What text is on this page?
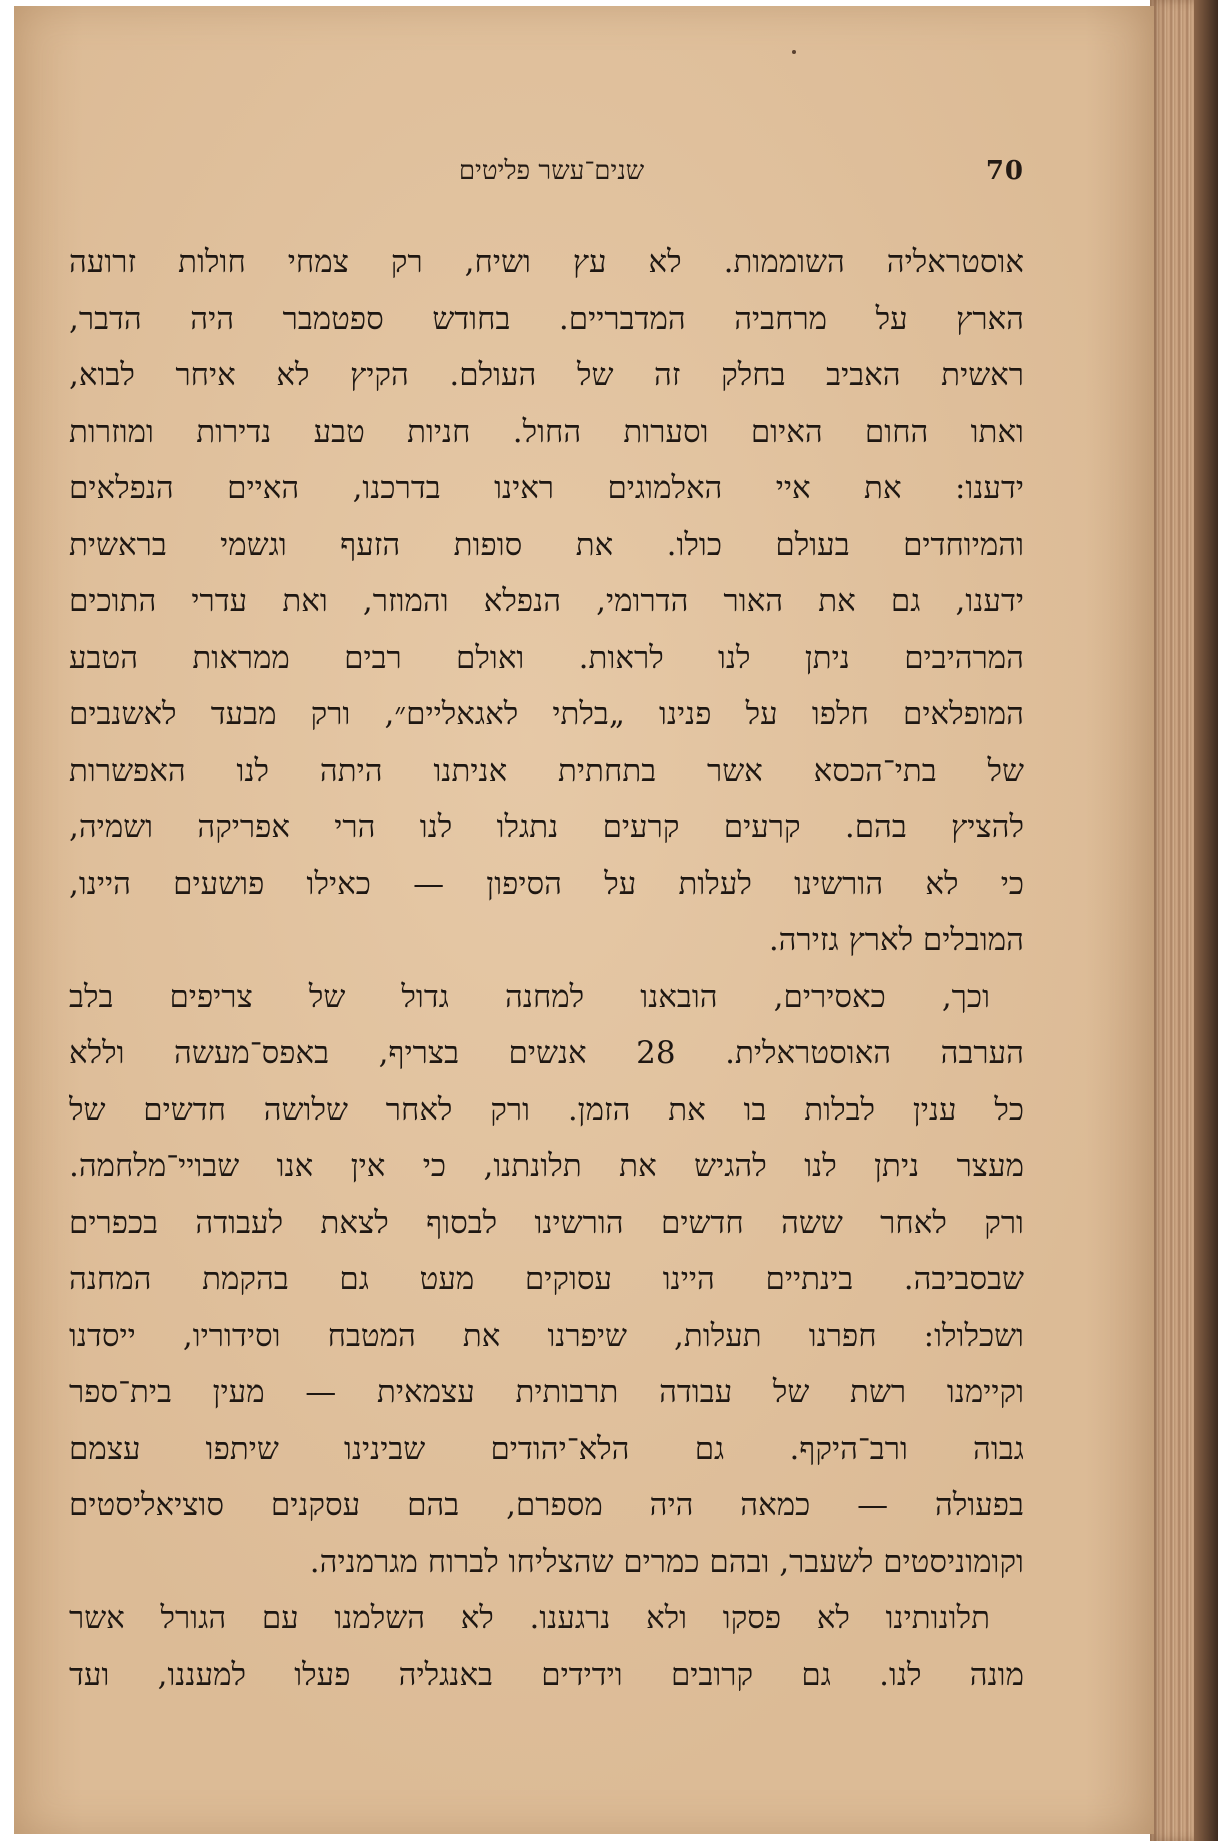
שנים־עשר פליטים	70
אוסטראליה השוממות. לא עץ ושיח, רק צמחי חולות זרועה
הארץ על מרחביה המדבריים. בחודש ספטמבר היה הדבר,
ראשית האביב בחלק זה של העולם. הקיץ לא איחר לבוא,
ואתו החום האיום וסערות החול. חניות טבע נדירות ומוזרות
ידענו: את איי האלמוגים ראינו בדרכנו, האיים הנפלאים
והמיוחדים בעולם כולו. את סופות הזעף וגשמי בראשית
ידענו, גם את האור הדרומי, הנפלא והמוזר, ואת עדרי התוכים
המרהיבים ניתן לנו לראות. ואולם רבים ממראות הטבע
המופלאים חלפו על פנינו „בלתי לאגאליים״, ורק מבעד לאשנבים
של בתי־הכסא אשר בתחתית אניתנו היתה לנו האפשרות
להציץ בהם. קרעים קרעים נתגלו לנו הרי אפריקה ושמיה,
כי לא הורשינו לעלות על הסיפון — כאילו פושעים היינו,
המובלים לארץ גזירה.
וכך, כאסירים, הובאנו למחנה גדול של צריפים בלב
הערבה האוסטראלית. 28 אנשים בצריף, באפס־מעשה וללא
כל ענין לבלות בו את הזמן. ורק לאחר שלושה חדשים של
מעצר ניתן לנו להגיש את תלונתנו, כי אין אנו שבויי־מלחמה.
ורק לאחר ששה חדשים הורשינו לבסוף לצאת לעבודה בכפרים
שבסביבה. בינתיים היינו עסוקים מעט גם בהקמת המחנה
ושכלולו: חפרנו תעלות, שיפרנו את המטבח וסידוריו, ייסדנו
וקיימנו רשת של עבודה תרבותית עצמאית — מעין בית־ספר
גבוה ורב־היקף. גם הלא־יהודים שבינינו שיתפו עצמם
בפעולה — כמאה היה מספרם, בהם עסקנים סוציאליסטים
וקומוניסטים לשעבר, ובהם כמרים שהצליחו לברוח מגרמניה.
תלונותינו לא פסקו ולא נרגענו. לא השלמנו עם הגורל אשר
מונה לנו. גם קרובים וידידים באנגליה פעלו למעננו, ועד
